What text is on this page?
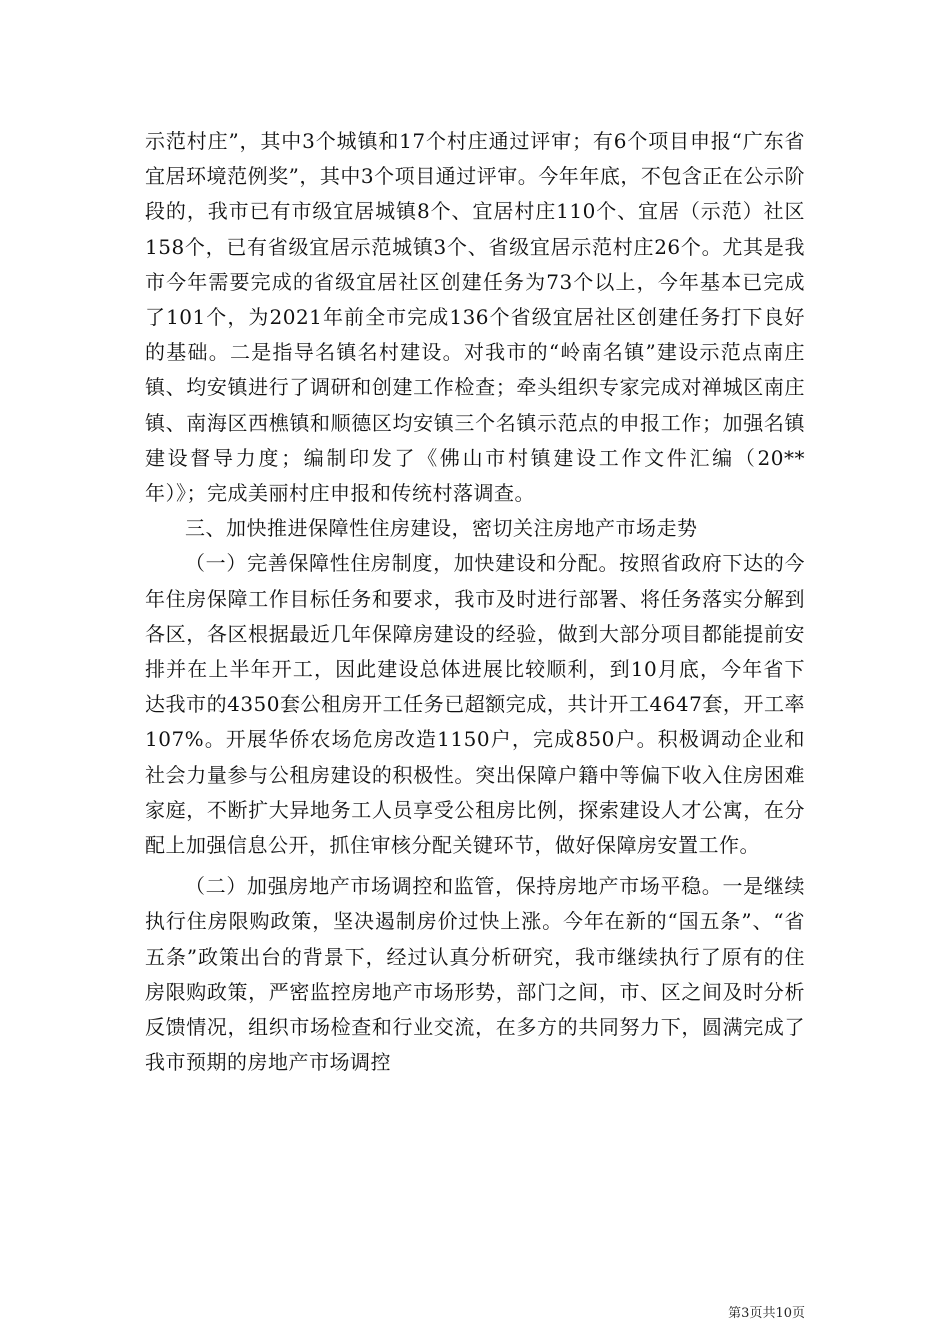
示范村庄”，其中3个城镇和17个村庄通过评审；有6个项目申报“广东省宜居环境范例奖”，其中3个项目通过评审。今年年底，不包含正在公示阶段的，我市已有市级宜居城镇8个、宜居村庄110个、宜居（示范）社区158个，已有省级宜居示范城镇3个、省级宜居示范村庄26个。尤其是我市今年需要完成的省级宜居社区创建任务为73个以上，今年基本已完成了101个，为2021年前全市完成136个省级宜居社区创建任务打下良好的基础。二是指导名镇名村建设。对我市的“岭南名镇”建设示范点南庄镇、均安镇进行了调研和创建工作检查；牵头组织专家完成对禅城区南庄镇、南海区西樵镇和顺德区均安镇三个名镇示范点的申报工作；加强名镇建设督导力度；编制印发了《佛山市村镇建设工作文件汇编（20**年）》；完成美丽村庄申报和传统村落调查。

三、加快推进保障性住房建设，密切关注房地产市场走势

（一）完善保障性住房制度，加快建设和分配。按照省政府下达的今年住房保障工作目标任务和要求，我市及时进行部署、将任务落实分解到各区，各区根据最近几年保障房建设的经验，做到大部分项目都能提前安排并在上半年开工，因此建设总体进展比较顺利，到10月底，今年省下达我市的4350套公租房开工任务已超额完成，共计开工4647套，开工率107%。开展华侨农场危房改造1150户，完成850户。积极调动企业和社会力量参与公租房建设的积极性。突出保障户籍中等偏下收入住房困难家庭，不断扩大异地务工人员享受公租房比例，探索建设人才公寓，在分配上加强信息公开，抓住审核分配关键环节，做好保障房安置工作。

（二）加强房地产市场调控和监管，保持房地产市场平稳。一是继续执行住房限购政策，坚决遏制房价过快上涨。今年在新的“国五条”、“省五条”政策出台的背景下，经过认真分析研究，我市继续执行了原有的住房限购政策，严密监控房地产市场形势，部门之间，市、区之间及时分析反馈情况，组织市场检查和行业交流，在多方的共同努力下，圆满完成了我市预期的房地产市场调控

第3页共10页
